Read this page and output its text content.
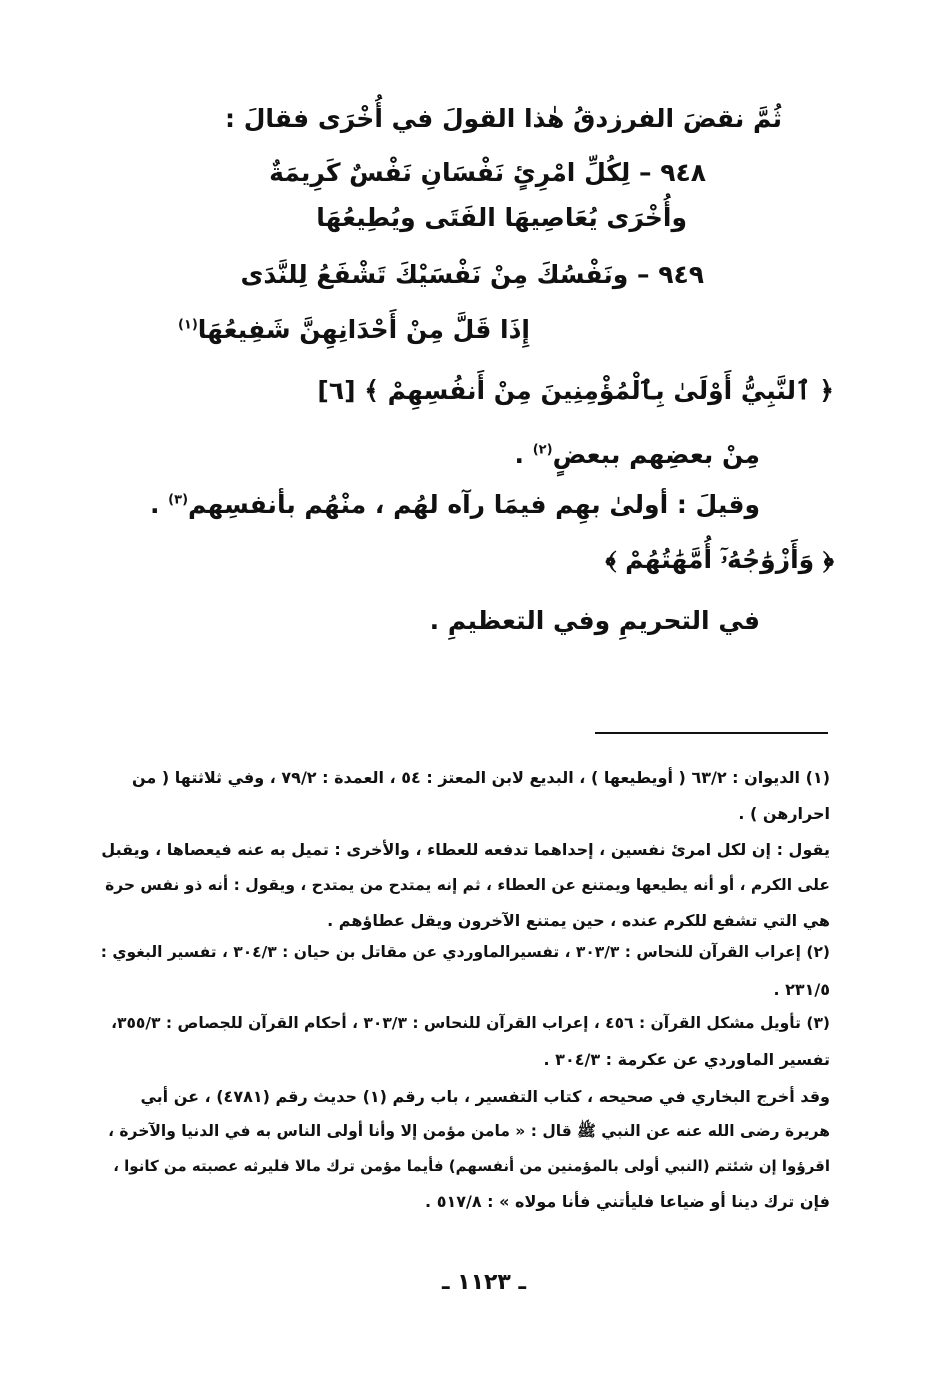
ثُمَّ نقضَ الفرزدقُ هٰذا القولَ في أُخْرَى فقالَ :
٩٤٨ – لِكُلِّ امْرِئٍ نَفْسَانِ نَفْسٌ كَرِيمَةٌ
وأُخْرَى يُعَاصِيهَا الفَتَى ويُطِيعُهَا
٩٤٩ – ونَفْسُكَ مِنْ نَفْسَيْكَ تَشْفَعُ لِلنَّدَى
إِذَا قَلَّ مِنْ أَحْدَانِهِنَّ شَفِيعُهَا$^{(١)}$
﴿ ٱلنَّبِيُّ أَوْلَىٰ بِٱلْمُؤْمِنِينَ مِنْ أَنفُسِهِمْ ﴾ [٦]
مِنْ بعضِهم ببعضٍ$^{(٢)}$ .
وقيلَ : أولىٰ بهِم فيمَا رآه لهُم ، منْهُم بأنفسِهم$^{(٣)}$ .
﴿ وَأَزْوَٰجُهُۥٓ أُمَّهَٰتُهُمْ ﴾
في التحريمِ وفي التعظيمِ .
(١) الديوان : ٦٣/٢ ( أويطيعها ) ، البديع لابن المعتز : ٥٤ ، العمدة : ٧٩/٢ ، وفي ثلاثتها ( من
احرارهن ) .
يقول : إن لكل امرئ نفسين ، إحداهما تدفعه للعطاء ، والأخرى : تميل به عنه فيعصاها ، ويقبل
على الكرم ، أو أنه يطيعها ويمتنع عن العطاء ، ثم إنه يمتدح من يمتدح ، ويقول : أنه ذو نفس حرة
هي التي تشفع للكرم عنده ، حين يمتنع الآخرون ويقل عطاؤهم .
(٢) إعراب القرآن للنحاس : ٣٠٣/٣ ، تفسيرالماوردي عن مقاتل بن حيان : ٣٠٤/٣ ، تفسير البغوي :
٢٣١/٥ .
(٣) تأويل مشكل القرآن : ٤٥٦ ، إعراب القرآن للنحاس : ٣٠٣/٣ ، أحكام القرآن للجصاص : ٣٥٥/٣،
تفسير الماوردي عن عكرمة : ٣٠٤/٣ .
وقد أخرج البخاري في صحيحه ، كتاب التفسير ، باب رقم (١) حديث رقم (٤٧٨١) ، عن أبي
هريرة رضى الله عنه عن النبي ﷺ قال : « مامن مؤمن إلا وأنا أولى الناس به في الدنيا والآخرة ،
اقرؤوا إن شئتم (النبي أولى بالمؤمنين من أنفسهم) فأيما مؤمن ترك مالا فليرثه عصبته من كانوا ،
فإن ترك دينا أو ضياعا فليأتني فأنا مولاه » : ٥١٧/٨ .
ـ ١١٢٣ ـ
